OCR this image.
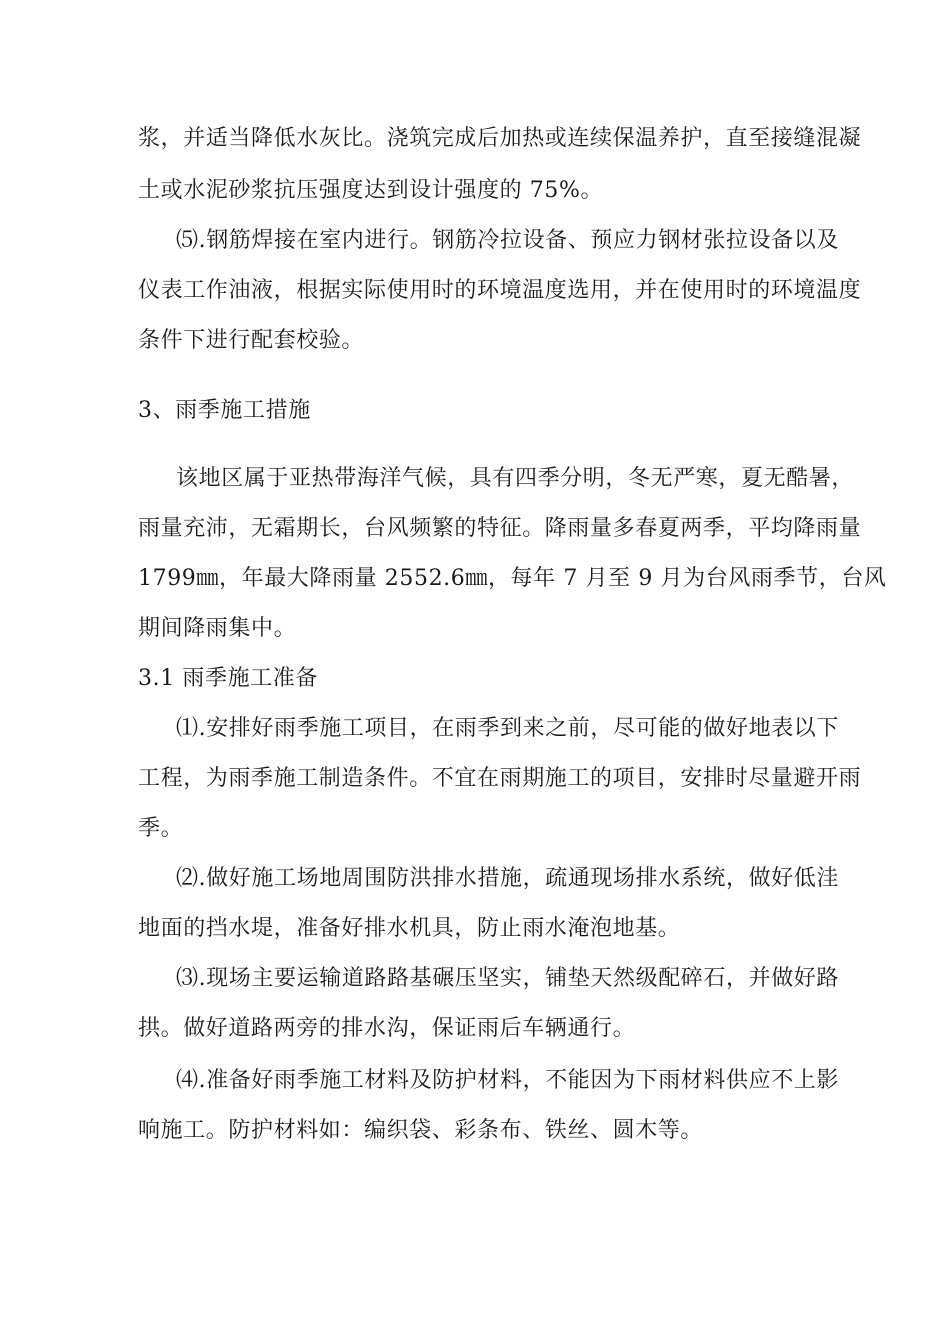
浆，并适当降低水灰比。浇筑完成后加热或连续保温养护，直至接缝混凝
土或水泥砂浆抗压强度达到设计强度的 75%。
⑸.钢筋焊接在室内进行。钢筋冷拉设备、预应力钢材张拉设备以及
仪表工作油液，根据实际使用时的环境温度选用，并在使用时的环境温度
条件下进行配套校验。
3、雨季施工措施
该地区属于亚热带海洋气候，具有四季分明，冬无严寒，夏无酷暑，
雨量充沛，无霜期长，台风频繁的特征。降雨量多春夏两季，平均降雨量
1799㎜，年最大降雨量 2552.6㎜，每年 7 月至 9 月为台风雨季节，台风
期间降雨集中。
3.1 雨季施工准备
⑴.安排好雨季施工项目，在雨季到来之前，尽可能的做好地表以下
工程，为雨季施工制造条件。不宜在雨期施工的项目，安排时尽量避开雨
季。
⑵.做好施工场地周围防洪排水措施，疏通现场排水系统，做好低洼
地面的挡水堤，准备好排水机具，防止雨水淹泡地基。
⑶.现场主要运输道路路基碾压坚实，铺垫天然级配碎石，并做好路
拱。做好道路两旁的排水沟，保证雨后车辆通行。
⑷.准备好雨季施工材料及防护材料，不能因为下雨材料供应不上影
响施工。防护材料如：编织袋、彩条布、铁丝、圆木等。
